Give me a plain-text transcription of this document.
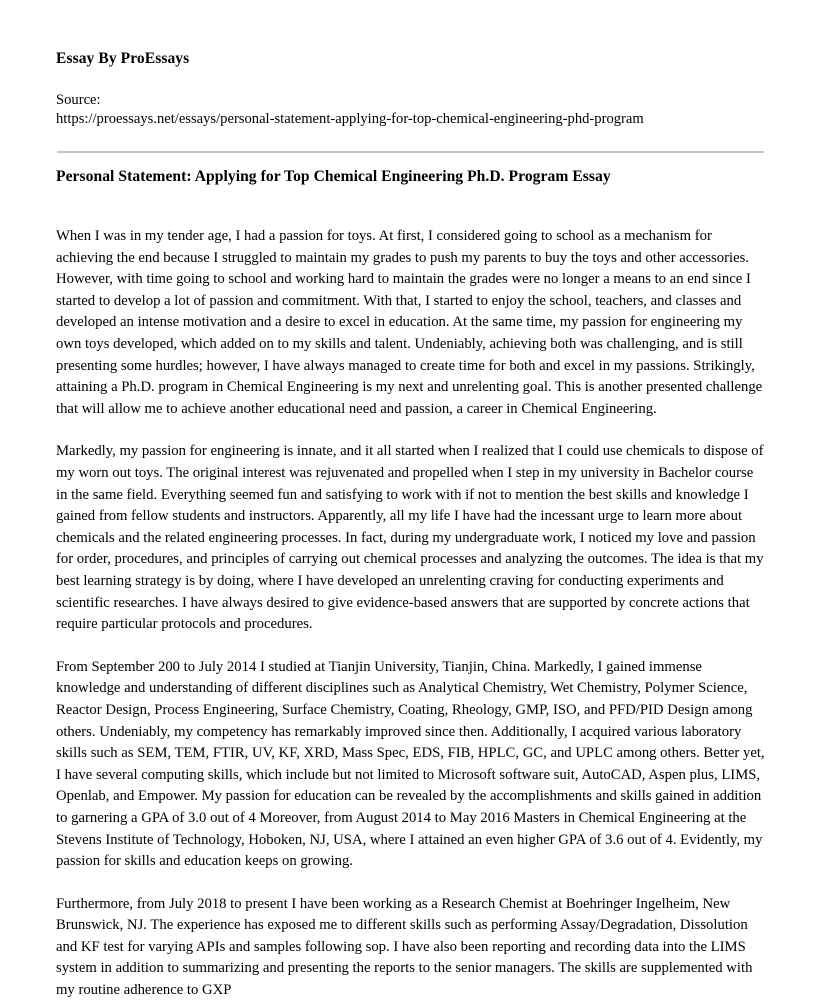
Essay By ProEssays
Source:
https://proessays.net/essays/personal-statement-applying-for-top-chemical-engineering-phd-program
Personal Statement: Applying for Top Chemical Engineering Ph.D. Program Essay

When I was in my tender age, I had a passion for toys. At first, I considered going to school as a mechanism for achieving the end because I struggled to maintain my grades to push my parents to buy the toys and other accessories. However, with time going to school and working hard to maintain the grades were no longer a means to an end since I started to develop a lot of passion and commitment. With that, I started to enjoy the school, teachers, and classes and developed an intense motivation and a desire to excel in education. At the same time, my passion for engineering my own toys developed, which added on to my skills and talent. Undeniably, achieving both was challenging, and is still presenting some hurdles; however, I have always managed to create time for both and excel in my passions. Strikingly, attaining a Ph.D. program in Chemical Engineering is my next and unrelenting goal. This is another presented challenge that will allow me to achieve another educational need and passion, a career in Chemical Engineering.

Markedly, my passion for engineering is innate, and it all started when I realized that I could use chemicals to dispose of my worn out toys. The original interest was rejuvenated and propelled when I step in my university in Bachelor course in the same field. Everything seemed fun and satisfying to work with if not to mention the best skills and knowledge I gained from fellow students and instructors. Apparently, all my life I have had the incessant urge to learn more about chemicals and the related engineering processes. In fact, during my undergraduate work, I noticed my love and passion for order, procedures, and principles of carrying out chemical processes and analyzing the outcomes. The idea is that my best learning strategy is by doing, where I have developed an unrelenting craving for conducting experiments and scientific researches. I have always desired to give evidence-based answers that are supported by concrete actions that require particular protocols and procedures.

From September 200 to July 2014 I studied at Tianjin University, Tianjin, China. Markedly, I gained immense knowledge and understanding of different disciplines such as Analytical Chemistry, Wet Chemistry, Polymer Science, Reactor Design, Process Engineering, Surface Chemistry, Coating, Rheology, GMP, ISO, and PFD/PID Design among others. Undeniably, my competency has remarkably improved since then. Additionally, I acquired various laboratory skills such as SEM, TEM, FTIR, UV, KF, XRD, Mass Spec, EDS, FIB, HPLC, GC, and UPLC among others. Better yet, I have several computing skills, which include but not limited to Microsoft software suit, AutoCAD, Aspen plus, LIMS, Openlab, and Empower. My passion for education can be revealed by the accomplishments and skills gained in addition to garnering a GPA of 3.0 out of 4 Moreover, from August 2014 to May 2016 Masters in Chemical Engineering at the Stevens Institute of Technology, Hoboken, NJ, USA, where I attained an even higher GPA of 3.6 out of 4. Evidently, my passion for skills and education keeps on growing.

Furthermore, from July 2018 to present I have been working as a Research Chemist at Boehringer Ingelheim, New Brunswick, NJ. The experience has exposed me to different skills such as performing Assay/Degradation, Dissolution and KF test for varying APIs and samples following sop. I have also been reporting and recording data into the LIMS system in addition to summarizing and presenting the reports to the senior managers. The skills are supplemented with my routine adherence to GXP
